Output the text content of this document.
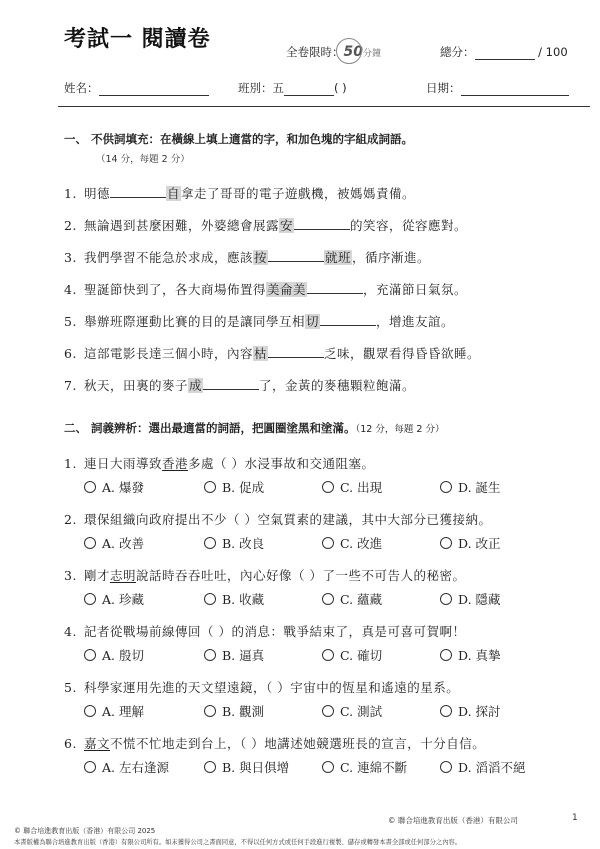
考試一 閱讀卷	全卷限時：50分鐘	總分：	/ 100
姓名：	班別：五	( )	日期：
一、 不供詞填充：在橫線上填上適當的字，和加色塊的字組成詞語。
（14 分，每題 2 分）
1. 明德	自拿走了哥哥的電子遊戲機，被媽媽責備。
2. 無論遇到甚麼困難，外婆總會展露安	的笑容，從容應對。
3. 我們學習不能急於求成，應該按	就班，循序漸進。
4. 聖誕節快到了，各大商場佈置得美侖美	，充滿節日氣氛。
5. 舉辦班際運動比賽的目的是讓同學互相切	，增進友誼。
6. 這部電影長達三個小時，內容枯	乏味，觀眾看得昏昏欲睡。
7. 秋天，田裏的麥子成	了，金黃的麥穗顆粒飽滿。
二、 詞義辨析：選出最適當的詞語，把圓圈塗黑和塗滿。（12 分，每題 2 分）
1. 連日大雨導致香港多處（ ）水浸事故和交通阻塞。
A. 爆發	B. 促成	C. 出現	D. 誕生
2. 環保組織向政府提出不少（ ）空氣質素的建議，其中大部分已獲接納。
A. 改善	B. 改良	C. 改進	D. 改正
3. 剛才志明說話時吞吞吐吐，內心好像（ ）了一些不可告人的秘密。
A. 珍藏	B. 收藏	C. 蘊藏	D. 隱藏
4. 記者從戰場前線傳回（ ）的消息：戰爭結束了，真是可喜可賀啊！
A. 殷切	B. 逼真	C. 確切	D. 真摯
5. 科學家運用先進的天文望遠鏡，（ ）宇宙中的恆星和遙遠的星系。
A. 理解	B. 觀測	C. 測試	D. 探討
6. 嘉文不慌不忙地走到台上，（ ）地講述她競選班長的宣言，十分自信。
A. 左右逢源	B. 與日俱增	C. 連綿不斷	D. 滔滔不絕
© 聯合培進教育出版（香港）有限公司 2025
© 聯合培進教育出版（香港）有限公司	1
本書版權為聯合培進教育出版（香港）有限公司所有。如未獲得公司之書面同意，不得以任何方式或任何手段進行複製、儲存或轉發本書全部或任何部分之內容。
